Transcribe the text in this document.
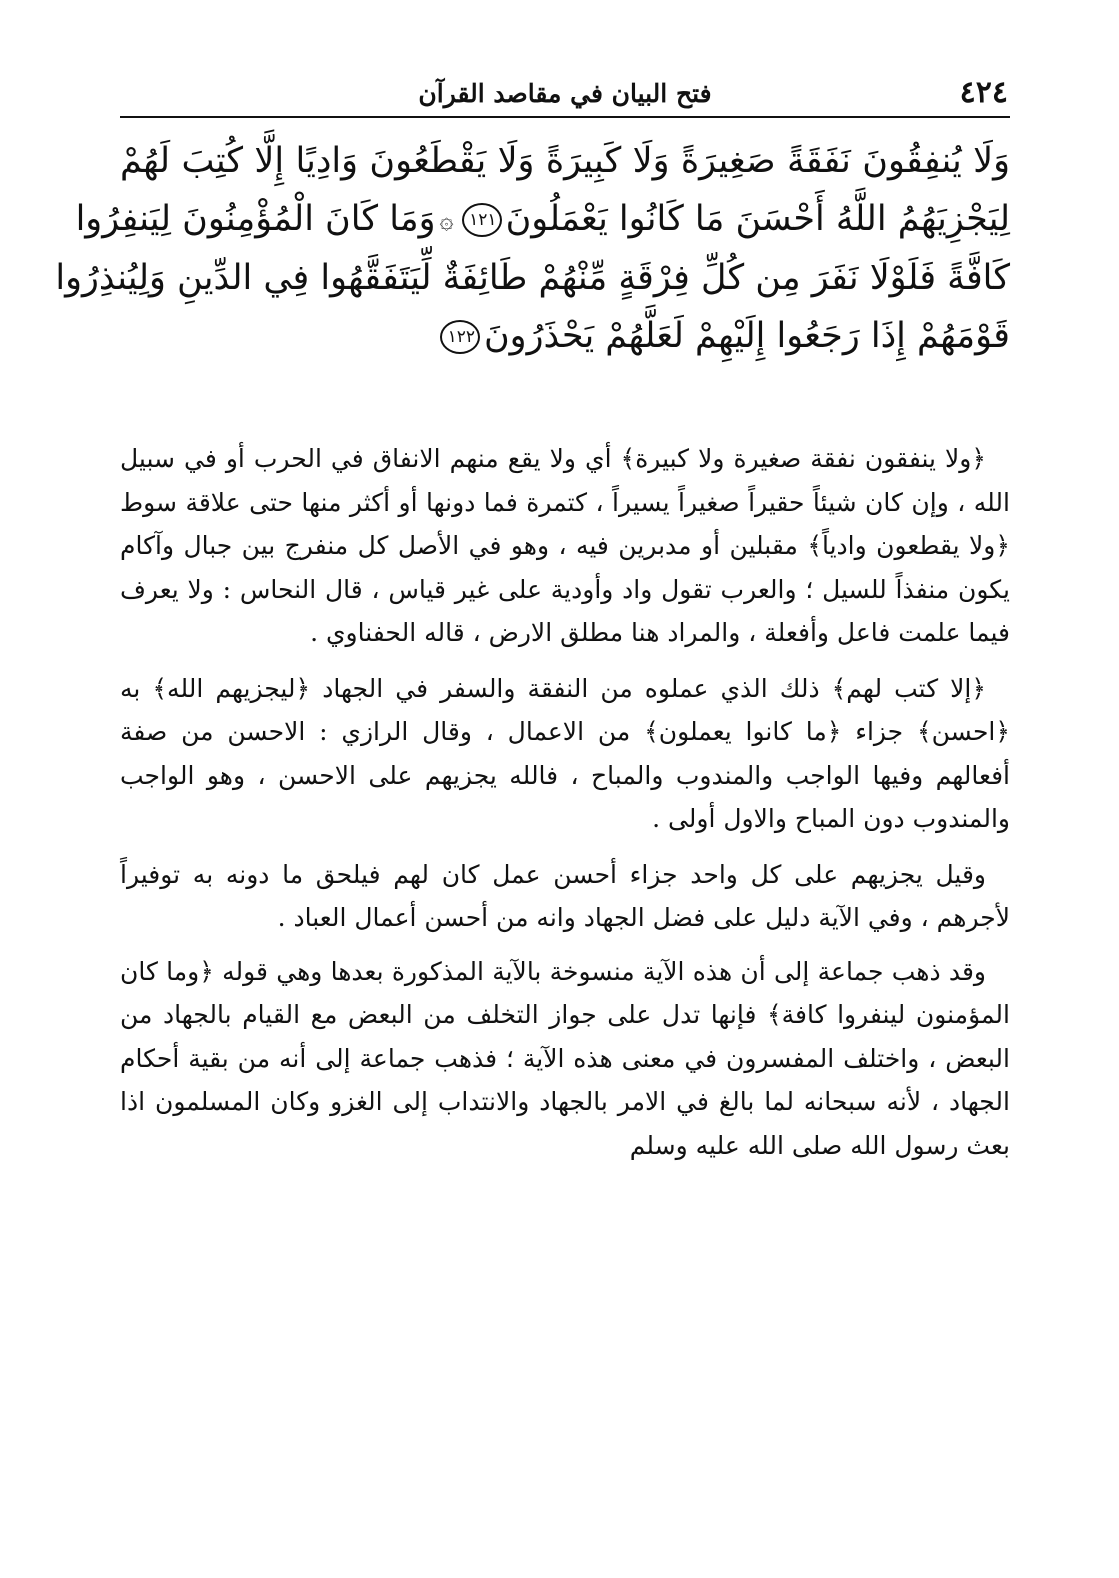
٤٢٤
فتح البيان في مقاصد القرآن
وَلَا يُنفِقُونَ نَفَقَةً صَغِيرَةً وَلَا كَبِيرَةً وَلَا يَقْطَعُونَ وَادِيًا إِلَّا كُتِبَ لَهُمْ
لِيَجْزِيَهُمُ اللَّهُ أَحْسَنَ مَا كَانُوا يَعْمَلُونَ١٢١۞وَمَا كَانَ الْمُؤْمِنُونَ لِيَنفِرُوا
كَافَّةً فَلَوْلَا نَفَرَ مِن كُلِّ فِرْقَةٍ مِّنْهُمْ طَائِفَةٌ لِّيَتَفَقَّهُوا فِي الدِّينِ وَلِيُنذِرُوا
قَوْمَهُمْ إِذَا رَجَعُوا إِلَيْهِمْ لَعَلَّهُمْ يَحْذَرُونَ١٢٢

﴿ولا ينفقون نفقة صغيرة ولا كبيرة﴾ أي ولا يقع منهم الانفاق في الحرب أو في سبيل الله ، وإن كان شيئاً حقيراً صغيراً يسيراً ، كتمرة فما دونها أو أكثر منها حتى علاقة سوط ﴿ولا يقطعون وادياً﴾ مقبلين أو مدبرين فيه ، وهو في الأصل كل منفرج بين جبال وآكام يكون منفذاً للسيل ؛ والعرب تقول واد وأودية على غير قياس ، قال النحاس : ولا يعرف فيما علمت فاعل وأفعلة ، والمراد هنا مطلق الارض ، قاله الحفناوي .

﴿إلا كتب لهم﴾ ذلك الذي عملوه من النفقة والسفر في الجهاد ﴿ليجزيهم الله﴾ به ﴿احسن﴾ جزاء ﴿ما كانوا يعملون﴾ من الاعمال ، وقال الرازي : الاحسن من صفة أفعالهم وفيها الواجب والمندوب والمباح ، فالله يجزيهم على الاحسن ، وهو الواجب والمندوب دون المباح والاول أولى .

وقيل يجزيهم على كل واحد جزاء أحسن عمل كان لهم فيلحق ما دونه به توفيراً لأجرهم ، وفي الآية دليل على فضل الجهاد وانه من أحسن أعمال العباد .

وقد ذهب جماعة إلى أن هذه الآية منسوخة بالآية المذكورة بعدها وهي قوله ﴿وما كان المؤمنون لينفروا كافة﴾ فإنها تدل على جواز التخلف من البعض مع القيام بالجهاد من البعض ، واختلف المفسرون في معنى هذه الآية ؛ فذهب جماعة إلى أنه من بقية أحكام الجهاد ، لأنه سبحانه لما بالغ في الامر بالجهاد والانتداب إلى الغزو وكان المسلمون اذا بعث رسول الله صلى الله عليه وسلم
